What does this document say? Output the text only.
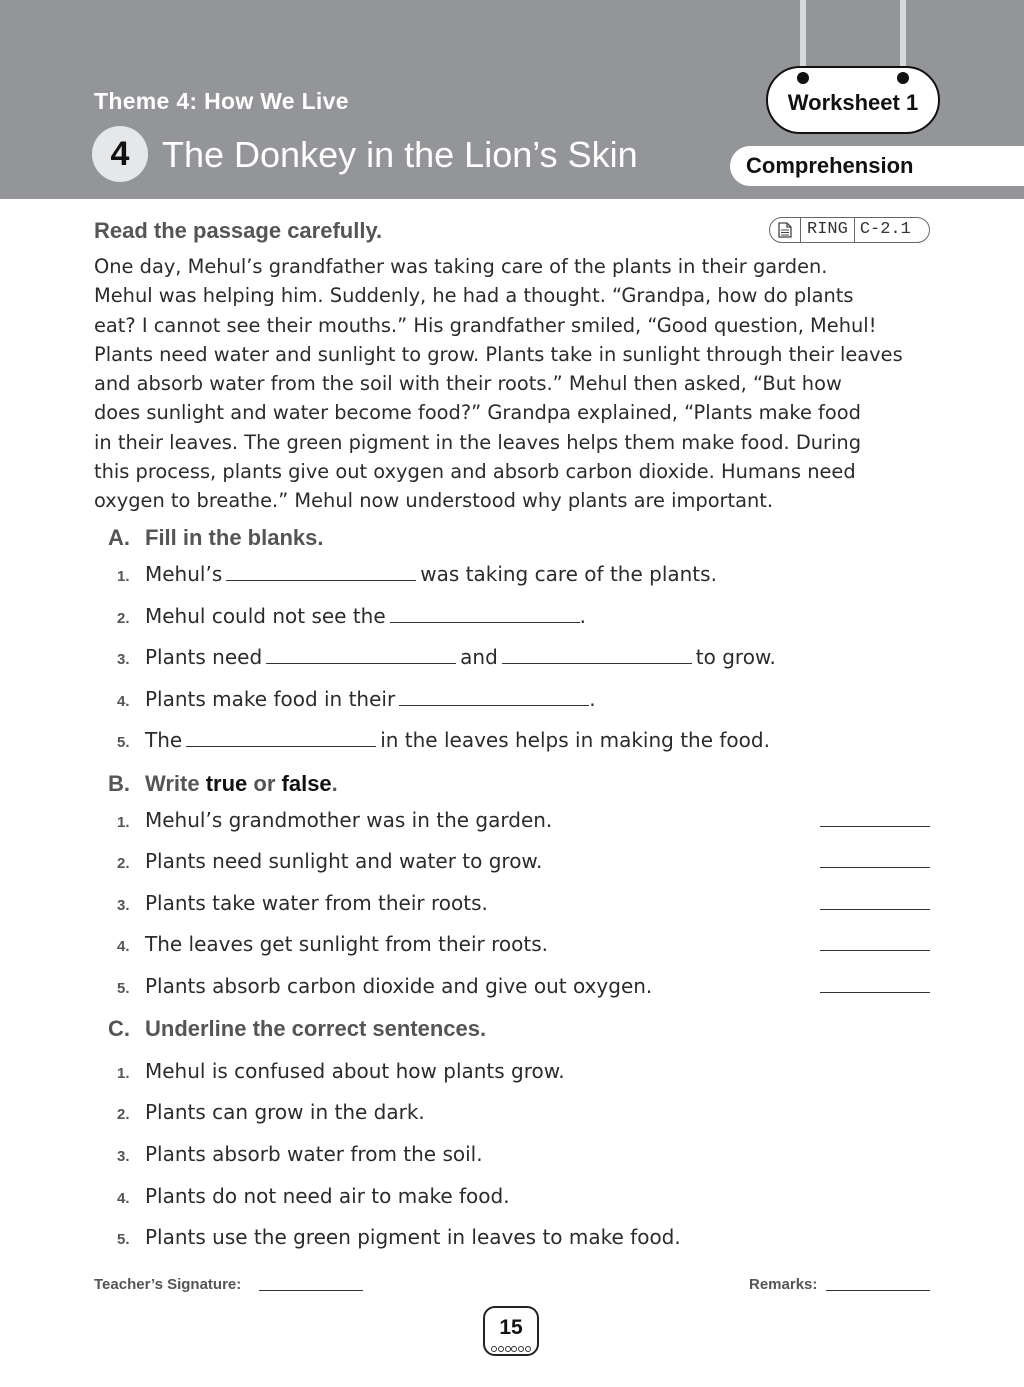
Theme 4: How We Live
4 The Donkey in the Lion’s Skin
Worksheet 1
Comprehension
Read the passage carefully.	RING C-2.1

One day, Mehul’s grandfather was taking care of the plants in their garden.

Mehul was helping him. Suddenly, he had a thought. “Grandpa, how do plants

eat? I cannot see their mouths.” His grandfather smiled, “Good question, Mehul!

Plants need water and sunlight to grow. Plants take in sunlight through their leaves

and absorb water from the soil with their roots.” Mehul then asked, “But how

does sunlight and water become food?” Grandpa explained, “Plants make food

in their leaves. The green pigment in the leaves helps them make food. During

this process, plants give out oxygen and absorb carbon dioxide. Humans need

oxygen to breathe.” Mehul now understood why plants are important.

A. Fill in the blanks.
1. Mehul’s	was taking care of the plants.
2. Mehul could not see the	.
3. Plants need	and	to grow.
4. Plants make food in their	.
5. The	in the leaves helps in making the food.
B. Write true or false.
1. Mehul’s grandmother was in the garden.
2. Plants need sunlight and water to grow.
3. Plants take water from their roots.
4. The leaves get sunlight from their roots.
5. Plants absorb carbon dioxide and give out oxygen.
C. Underline the correct sentences.
1. Mehul is confused about how plants grow.
2. Plants can grow in the dark.
3. Plants absorb water from the soil.
4. Plants do not need air to make food.
5. Plants use the green pigment in leaves to make food.
Teacher’s Signature:	Remarks:
15
